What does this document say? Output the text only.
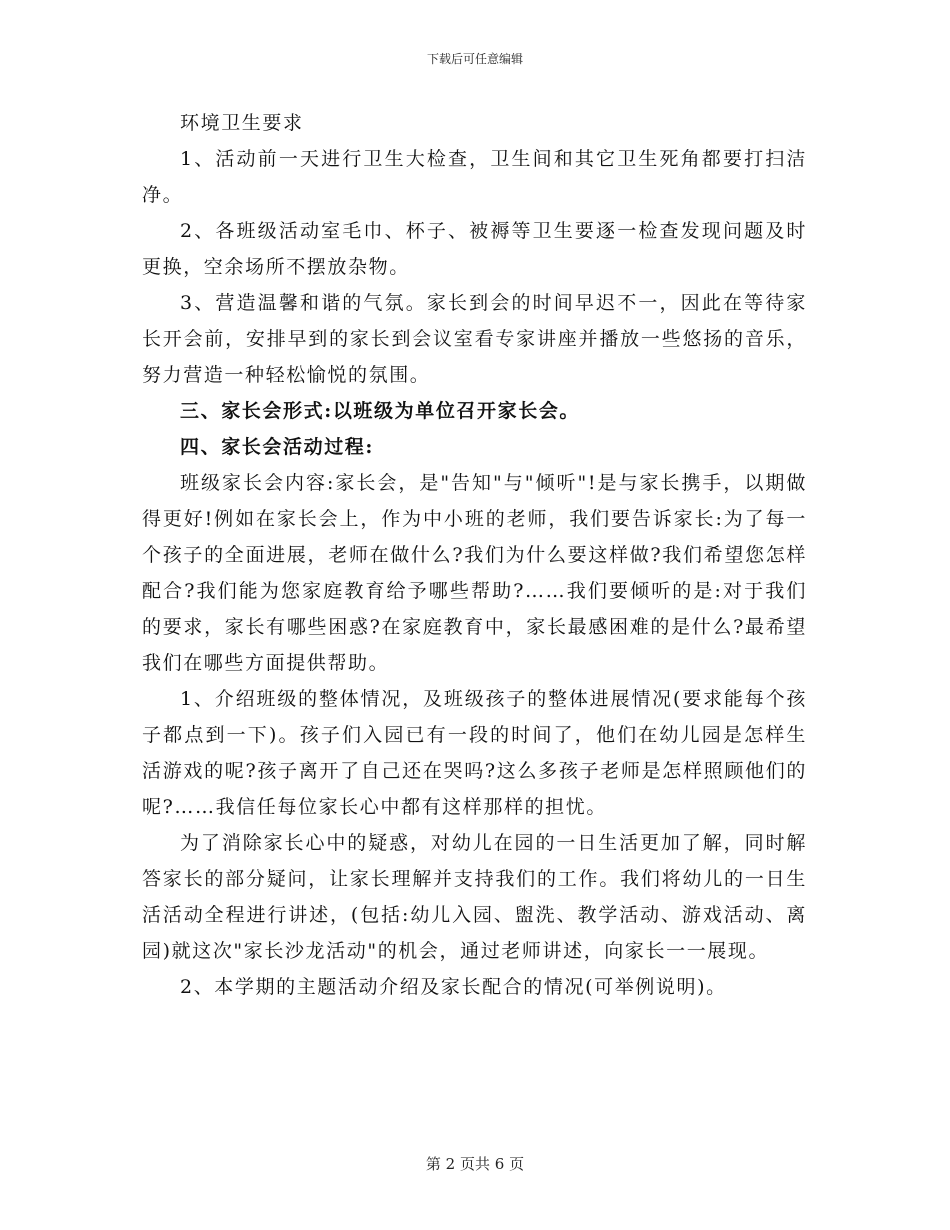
下载后可任意编辑

环境卫生要求

1、活动前一天进行卫生大检查，卫生间和其它卫生死角都要打扫洁净。

2、各班级活动室毛巾、杯子、被褥等卫生要逐一检查发现问题及时更换，空余场所不摆放杂物。

3、营造温馨和谐的气氛。家长到会的时间早迟不一，因此在等待家长开会前，安排早到的家长到会议室看专家讲座并播放一些悠扬的音乐，努力营造一种轻松愉悦的氛围。

三、家长会形式:以班级为单位召开家长会。

四、家长会活动过程:

班级家长会内容:家长会，是"告知"与"倾听"!是与家长携手，以期做得更好!例如在家长会上，作为中小班的老师，我们要告诉家长:为了每一个孩子的全面进展，老师在做什么?我们为什么要这样做?我们希望您怎样配合?我们能为您家庭教育给予哪些帮助?……我们要倾听的是:对于我们的要求，家长有哪些困惑?在家庭教育中，家长最感困难的是什么?最希望我们在哪些方面提供帮助。

1、介绍班级的整体情况，及班级孩子的整体进展情况(要求能每个孩子都点到一下)。孩子们入园已有一段的时间了，他们在幼儿园是怎样生活游戏的呢?孩子离开了自己还在哭吗?这么多孩子老师是怎样照顾他们的呢?……我信任每位家长心中都有这样那样的担忧。

为了消除家长心中的疑惑，对幼儿在园的一日生活更加了解，同时解答家长的部分疑问，让家长理解并支持我们的工作。我们将幼儿的一日生活活动全程进行讲述，(包括:幼儿入园、盥洗、教学活动、游戏活动、离园)就这次"家长沙龙活动"的机会，通过老师讲述，向家长一一展现。

2、本学期的主题活动介绍及家长配合的情况(可举例说明)。

第 2 页共 6 页
